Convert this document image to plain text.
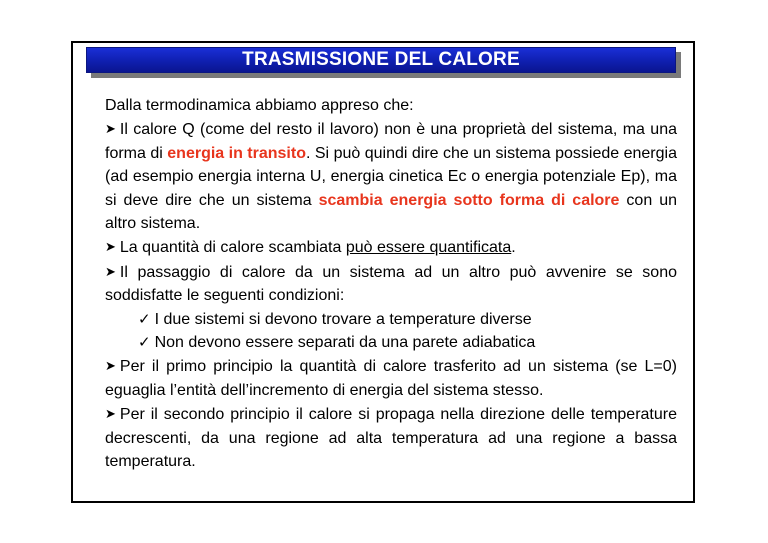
TRASMISSIONE DEL CALORE

Dalla termodinamica abbiamo appreso che:

➤ Il calore Q (come del resto il lavoro) non è una proprietà del sistema, ma una forma di energia in transito. Si può quindi dire che un sistema possiede energia (ad esempio energia interna U, energia cinetica Ec o energia potenziale Ep), ma si deve dire che un sistema scambia energia sotto forma di calore con un altro sistema.

➤ La quantità di calore scambiata può essere quantificata.

➤ Il passaggio di calore da un sistema ad un altro può avvenire se sono soddisfatte le seguenti condizioni:

✓ I due sistemi si devono trovare a temperature diverse

✓ Non devono essere separati da una parete adiabatica

➤ Per il primo principio la quantità di calore trasferito ad un sistema (se L=0) eguaglia l’entità dell’incremento di energia del sistema stesso.

➤ Per il secondo principio il calore si propaga nella direzione delle temperature decrescenti, da una regione ad alta temperatura ad una regione a bassa temperatura.
